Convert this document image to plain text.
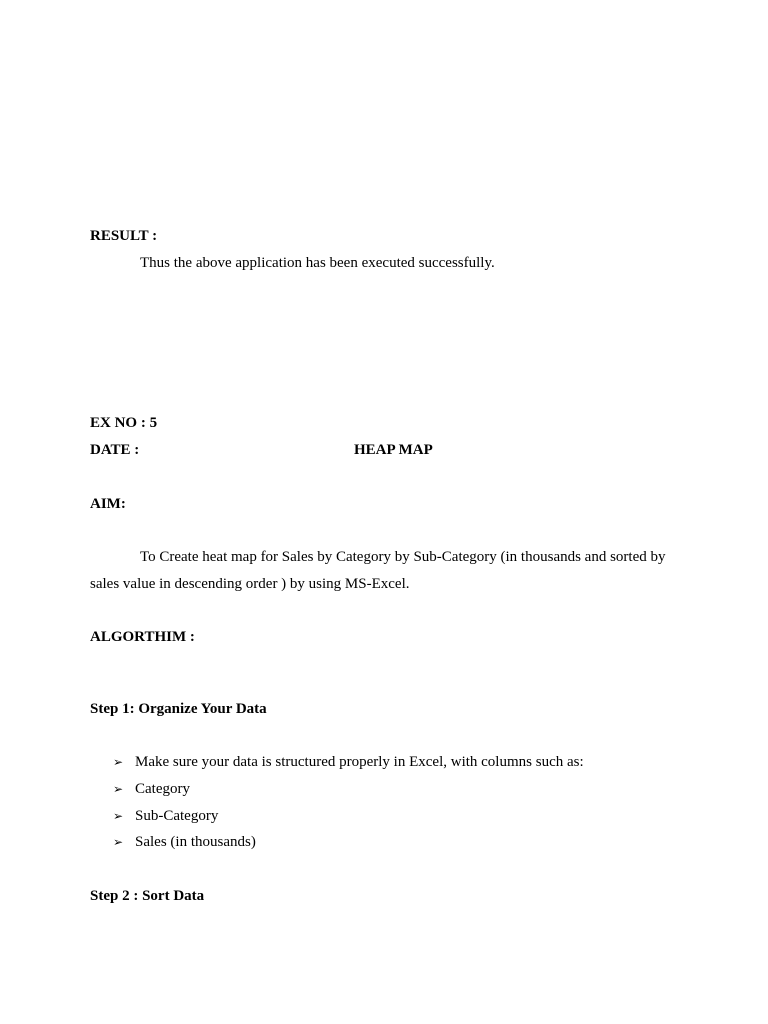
RESULT :
Thus the above application has been executed successfully.
EX NO : 5
DATE :	HEAP MAP
AIM:
To Create heat map for Sales by Category by Sub-Category (in thousands and sorted by
sales value in descending order ) by using MS-Excel.
ALGORTHIM :
Step 1: Organize Your Data
➢ Make sure your data is structured properly in Excel, with columns such as:
➢ Category
➢ Sub-Category
➢ Sales (in thousands)
Step 2 : Sort Data
